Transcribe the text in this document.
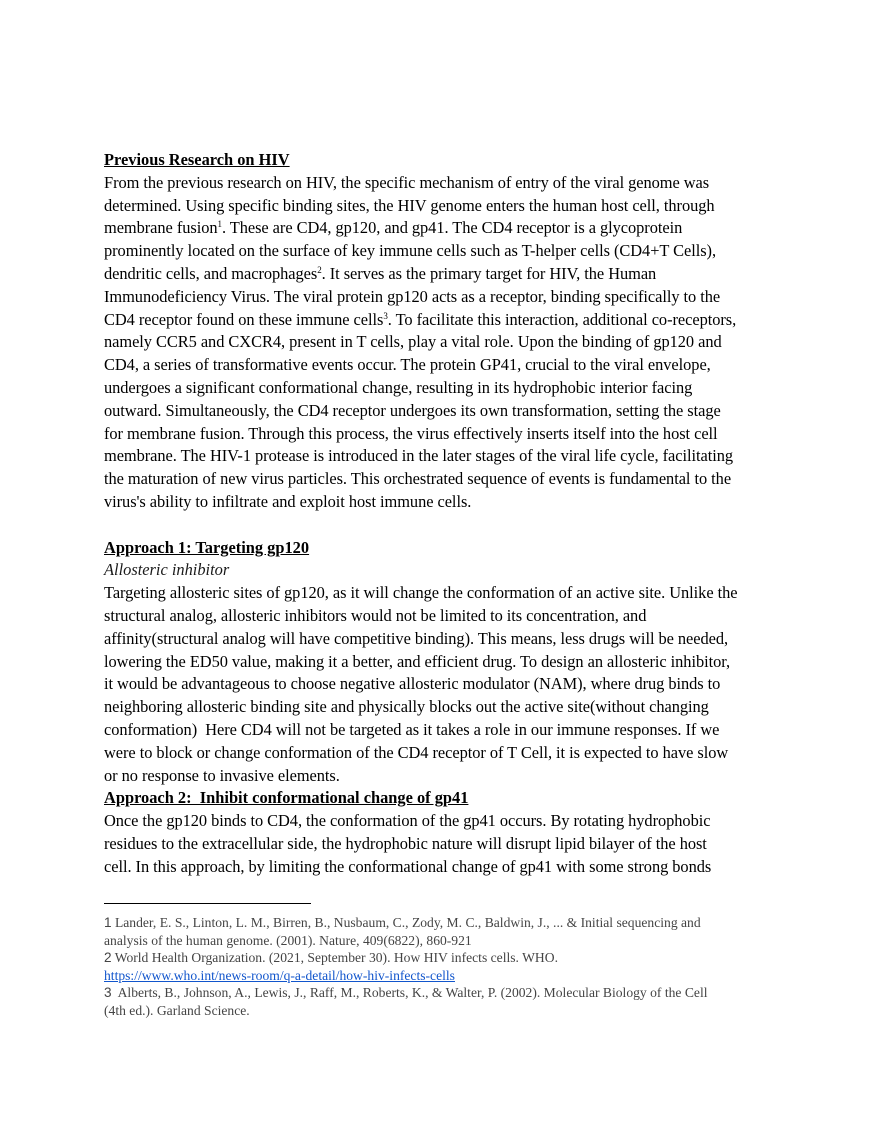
Previous Research on HIV

From the previous research on HIV, the specific mechanism of entry of the viral genome was
determined. Using specific binding sites, the HIV genome enters the human host cell, through
membrane fusion$^1$. These are CD4, gp120, and gp41. The CD4 receptor is a glycoprotein
prominently located on the surface of key immune cells such as T-helper cells (CD4+T Cells),
dendritic cells, and macrophages$^2$. It serves as the primary target for HIV, the Human
Immunodeficiency Virus. The viral protein gp120 acts as a receptor, binding specifically to the
CD4 receptor found on these immune cells$^3$. To facilitate this interaction, additional co-receptors,
namely CCR5 and CXCR4, present in T cells, play a vital role. Upon the binding of gp120 and
CD4, a series of transformative events occur. The protein GP41, crucial to the viral envelope,
undergoes a significant conformational change, resulting in its hydrophobic interior facing
outward. Simultaneously, the CD4 receptor undergoes its own transformation, setting the stage
for membrane fusion. Through this process, the virus effectively inserts itself into the host cell
membrane. The HIV-1 protease is introduced in the later stages of the viral life cycle, facilitating
the maturation of new virus particles. This orchestrated sequence of events is fundamental to the
virus's ability to infiltrate and exploit host immune cells.

Approach 1: Targeting gp120

Allosteric inhibitor

Targeting allosteric sites of gp120, as it will change the conformation of an active site. Unlike the
structural analog, allosteric inhibitors would not be limited to its concentration, and
affinity(structural analog will have competitive binding). This means, less drugs will be needed,
lowering the ED50 value, making it a better, and efficient drug. To design an allosteric inhibitor,
it would be advantageous to choose negative allosteric modulator (NAM), where drug binds to
neighboring allosteric binding site and physically blocks out the active site(without changing
conformation)  Here CD4 will not be targeted as it takes a role in our immune responses. If we
were to block or change conformation of the CD4 receptor of T Cell, it is expected to have slow
or no response to invasive elements.

Approach 2:  Inhibit conformational change of gp41

Once the gp120 binds to CD4, the conformation of the gp41 occurs. By rotating hydrophobic
residues to the extracellular side, the hydrophobic nature will disrupt lipid bilayer of the host
cell. In this approach, by limiting the conformational change of gp41 with some strong bonds
1 Lander, E. S., Linton, L. M., Birren, B., Nusbaum, C., Zody, M. C., Baldwin, J., ... & Initial sequencing and
analysis of the human genome. (2001). Nature, 409(6822), 860-921
2 World Health Organization. (2021, September 30). How HIV infects cells. WHO.
https://www.who.int/news-room/q-a-detail/how-hiv-infects-cells
3  Alberts, B., Johnson, A., Lewis, J., Raff, M., Roberts, K., & Walter, P. (2002). Molecular Biology of the Cell
(4th ed.). Garland Science.
